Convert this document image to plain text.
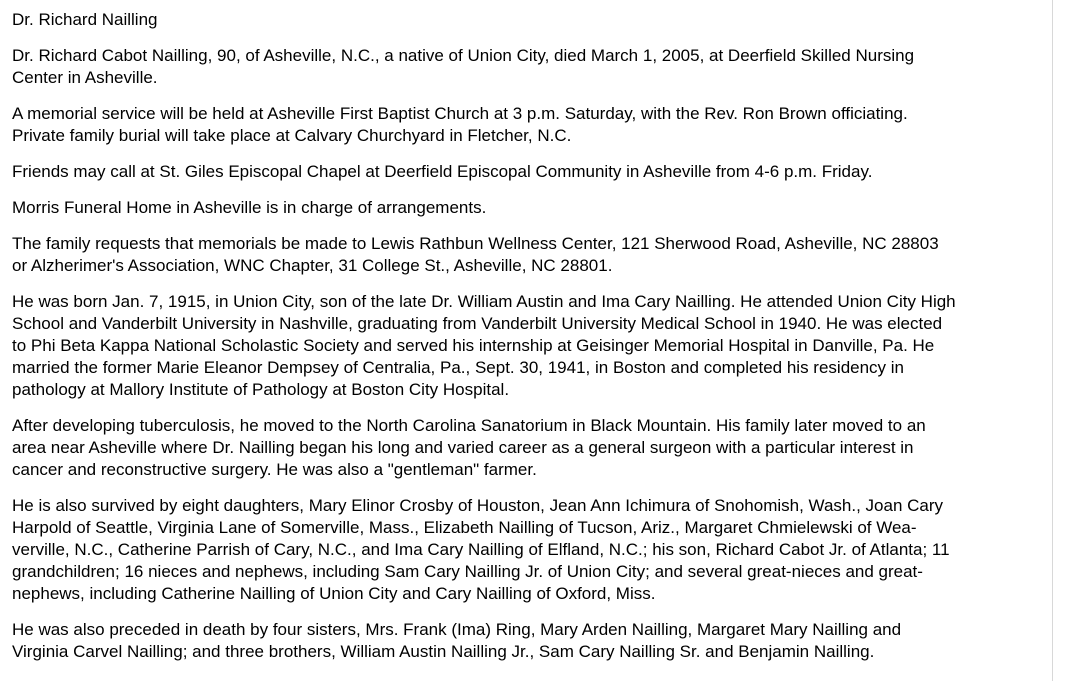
Dr. Richard Nailling
Dr. Richard Cabot Nailling, 90, of Asheville, N.C., a native of Union City, died March 1, 2005, at Deerfield Skilled Nursing
Center in Asheville.
A memorial service will be held at Asheville First Baptist Church at 3 p.m. Saturday, with the Rev. Ron Brown officiating.
Private family burial will take place at Calvary Churchyard in Fletcher, N.C.
Friends may call at St. Giles Episcopal Chapel at Deerfield Episcopal Community in Asheville from 4-6 p.m. Friday.
Morris Funeral Home in Asheville is in charge of arrangements.
The family requests that memorials be made to Lewis Rathbun Wellness Center, 121 Sherwood Road, Asheville, NC 28803
or Alzherimer's Association, WNC Chapter, 31 College St., Asheville, NC 28801.
He was born Jan. 7, 1915, in Union City, son of the late Dr. William Austin and Ima Cary Nailling. He attended Union City High
School and Vanderbilt University in Nashville, graduating from Vanderbilt University Medical School in 1940. He was elected
to Phi Beta Kappa National Scholastic Society and served his internship at Geisinger Memorial Hospital in Danville, Pa. He
married the former Marie Eleanor Dempsey of Centralia, Pa., Sept. 30, 1941, in Boston and completed his residency in
pathology at Mallory Institute of Pathology at Boston City Hospital.
After developing tuberculosis, he moved to the North Carolina Sanatorium in Black Mountain. His family later moved to an
area near Asheville where Dr. Nailling began his long and varied career as a general surgeon with a particular interest in
cancer and reconstructive surgery. He was also a "gentleman" farmer.
He is also survived by eight daughters, Mary Elinor Crosby of Houston, Jean Ann Ichimura of Snohomish, Wash., Joan Cary
Harpold of Seattle, Virginia Lane of Somerville, Mass., Elizabeth Nailling of Tucson, Ariz., Margaret Chmielewski of Wea-
verville, N.C., Catherine Parrish of Cary, N.C., and Ima Cary Nailling of Elfland, N.C.; his son, Richard Cabot Jr. of Atlanta; 11
grandchildren; 16 nieces and nephews, including Sam Cary Nailling Jr. of Union City; and several great-nieces and great-
nephews, including Catherine Nailling of Union City and Cary Nailling of Oxford, Miss.
He was also preceded in death by four sisters, Mrs. Frank (Ima) Ring, Mary Arden Nailling, Margaret Mary Nailling and
Virginia Carvel Nailling; and three brothers, William Austin Nailling Jr., Sam Cary Nailling Sr. and Benjamin Nailling.
